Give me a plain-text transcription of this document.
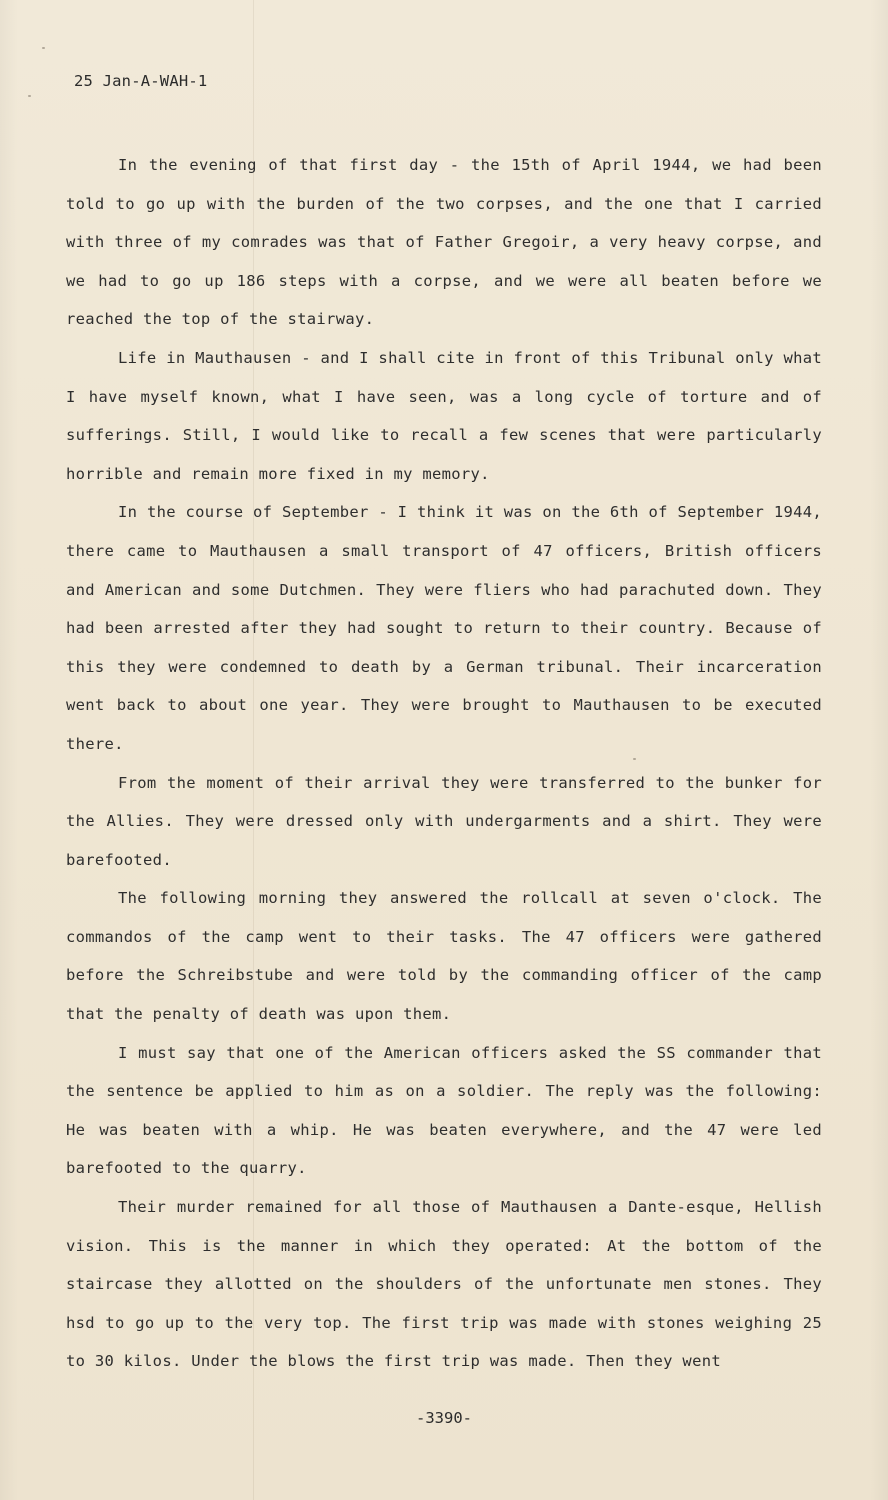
25 Jan-A-WAH-1

In the evening of that first day - the 15th of April 1944, we had been told to go up with the burden of the two corpses, and the one that I carried with three of my comrades was that of Father Gregoir, a very heavy corpse, and we had to go up 186 steps with a corpse, and we were all beaten before we reached the top of the stairway.

Life in Mauthausen - and I shall cite in front of this Tribunal only what I have myself known, what I have seen, was a long cycle of torture and of sufferings. Still, I would like to recall a few scenes that were particularly horrible and remain more fixed in my memory.

In the course of September - I think it was on the 6th of September 1944, there came to Mauthausen a small transport of 47 officers, British officers and American and some Dutchmen. They were fliers who had parachuted down. They had been arrested after they had sought to return to their country. Because of this they were condemned to death by a German tribunal. Their incarceration went back to about one year. They were brought to Mauthausen to be executed there.

From the moment of their arrival they were transferred to the bunker for the Allies. They were dressed only with undergarments and a shirt. They were barefooted.

The following morning they answered the rollcall at seven o'clock. The commandos of the camp went to their tasks. The 47 officers were gathered before the Schreibstube and were told by the commanding officer of the camp that the penalty of death was upon them.

I must say that one of the American officers asked the SS commander that the sentence be applied to him as on a soldier. The reply was the following: He was beaten with a whip. He was beaten everywhere, and the 47 were led barefooted to the quarry.

Their murder remained for all those of Mauthausen a Dante-esque, Hellish vision. This is the manner in which they operated: At the bottom of the staircase they allotted on the shoulders of the unfortunate men stones. They hsd to go up to the very top. The first trip was made with stones weighing 25 to 30 kilos. Under the blows the first trip was made. Then they went

-3390-
